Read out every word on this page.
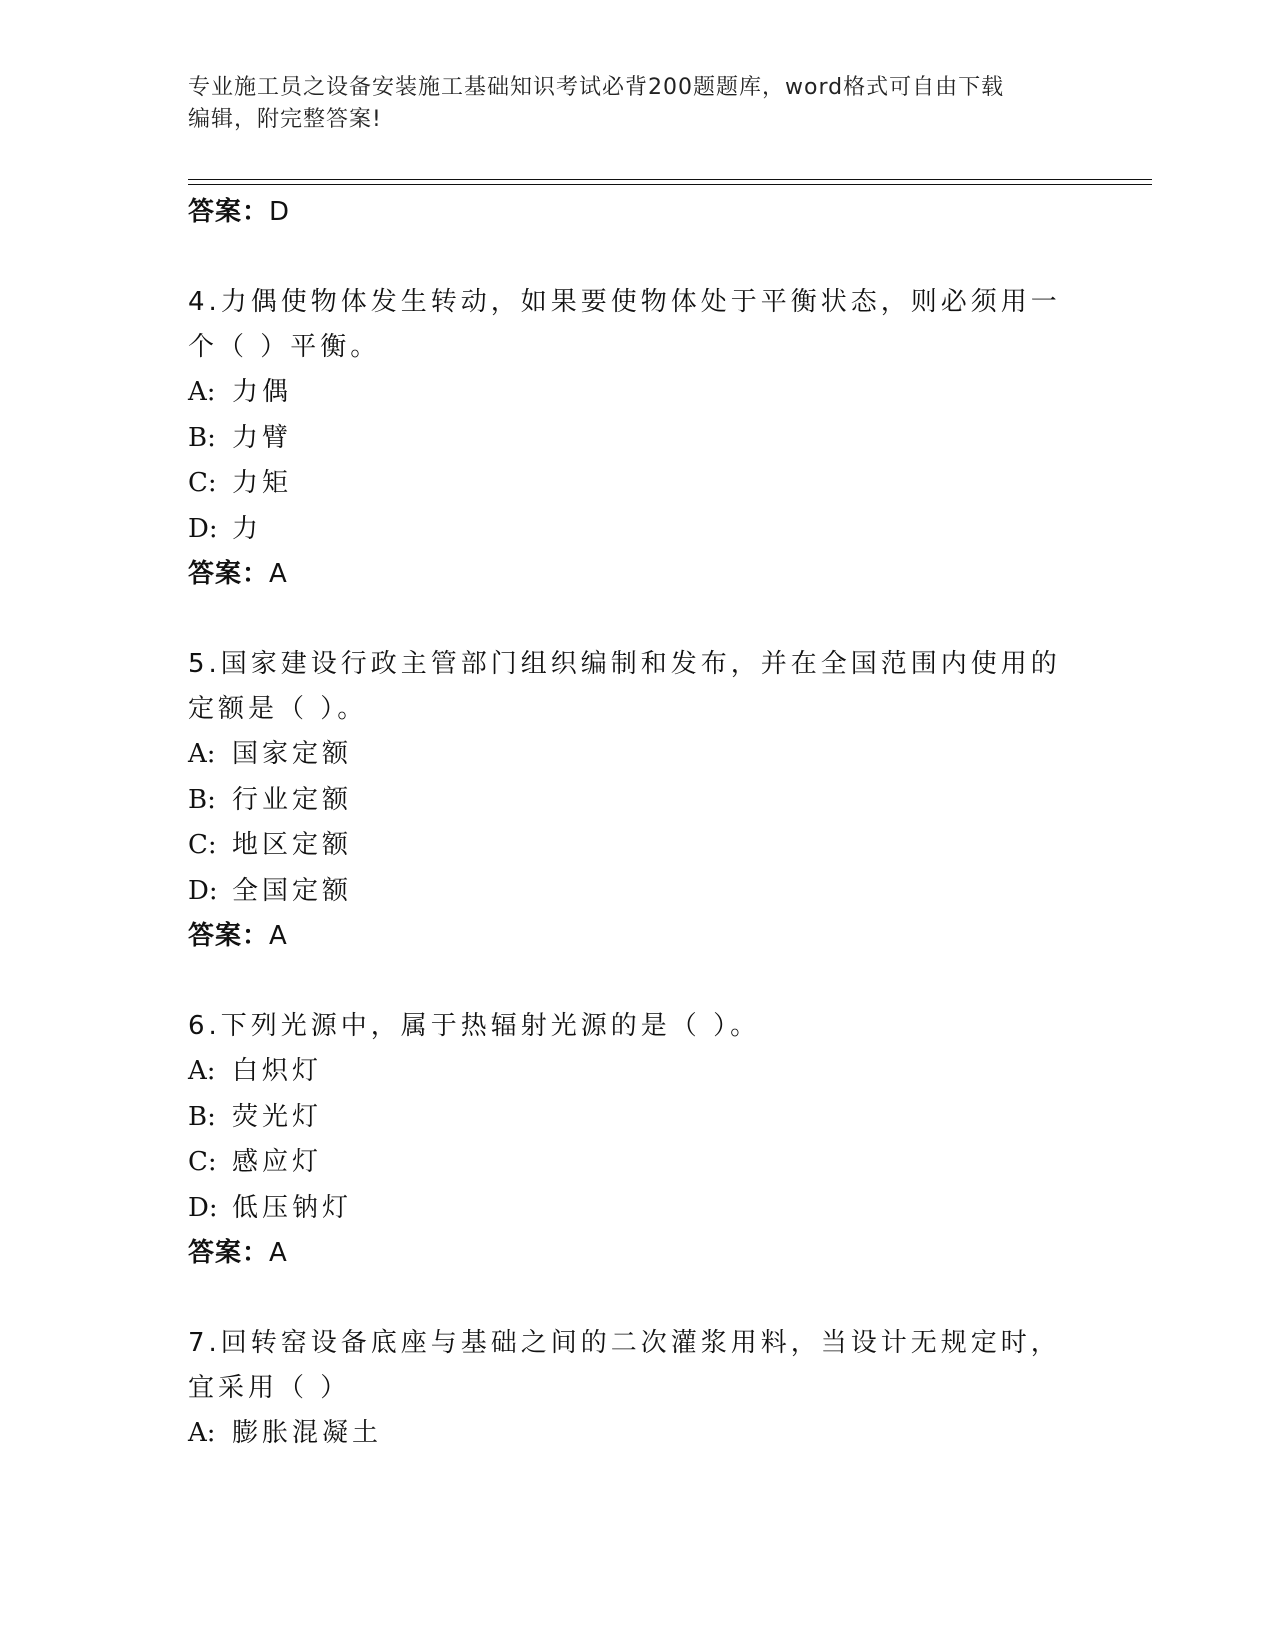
专业施工员之设备安装施工基础知识考试必背200题题库，word格式可自由下载
编辑，附完整答案!
答案：D
4.力偶使物体发生转动，如果要使物体处于平衡状态，则必须用一个（ ）平衡。
A: 力偶
B: 力臂
C: 力矩
D: 力
答案：A
5.国家建设行政主管部门组织编制和发布，并在全国范围内使用的定额是（ ）。
A: 国家定额
B: 行业定额
C: 地区定额
D: 全国定额
答案：A
6.下列光源中，属于热辐射光源的是（ ）。
A: 白炽灯
B: 荧光灯
C: 感应灯
D: 低压钠灯
答案：A
7.回转窑设备底座与基础之间的二次灌浆用料，当设计无规定时，宜采用（ ）
A: 膨胀混凝土
